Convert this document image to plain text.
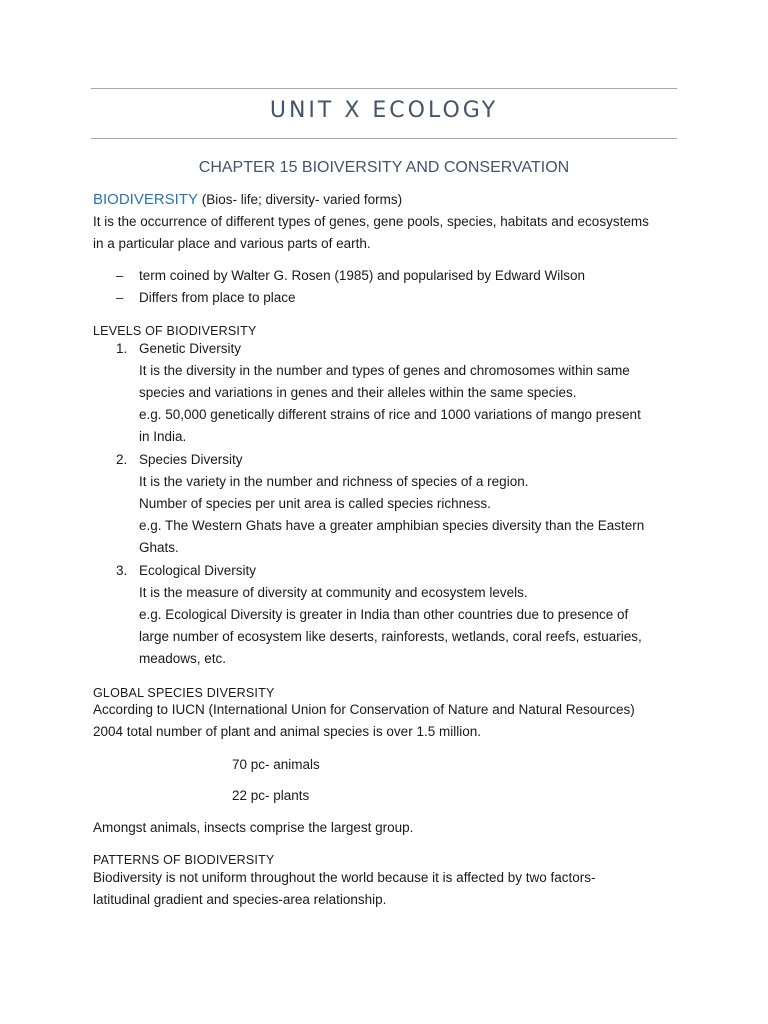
UNIT X ECOLOGY
CHAPTER 15 BIOIVERSITY AND CONSERVATION
BIODIVERSITY (Bios- life; diversity- varied forms)
It is the occurrence of different types of genes, gene pools, species, habitats and ecosystems
in a particular place and various parts of earth.
– term coined by Walter G. Rosen (1985) and popularised by Edward Wilson
– Differs from place to place
LEVELS OF BIODIVERSITY
1. Genetic Diversity
It is the diversity in the number and types of genes and chromosomes within same
species and variations in genes and their alleles within the same species.
e.g. 50,000 genetically different strains of rice and 1000 variations of mango present
in India.
2. Species Diversity
It is the variety in the number and richness of species of a region.
Number of species per unit area is called species richness.
e.g. The Western Ghats have a greater amphibian species diversity than the Eastern
Ghats.
3. Ecological Diversity
It is the measure of diversity at community and ecosystem levels.
e.g. Ecological Diversity is greater in India than other countries due to presence of
large number of ecosystem like deserts, rainforests, wetlands, coral reefs, estuaries,
meadows, etc.
GLOBAL SPECIES DIVERSITY
According to IUCN (International Union for Conservation of Nature and Natural Resources)
2004 total number of plant and animal species is over 1.5 million.
70 pc- animals
22 pc- plants
Amongst animals, insects comprise the largest group.
PATTERNS OF BIODIVERSITY
Biodiversity is not uniform throughout the world because it is affected by two factors-
latitudinal gradient and species-area relationship.
